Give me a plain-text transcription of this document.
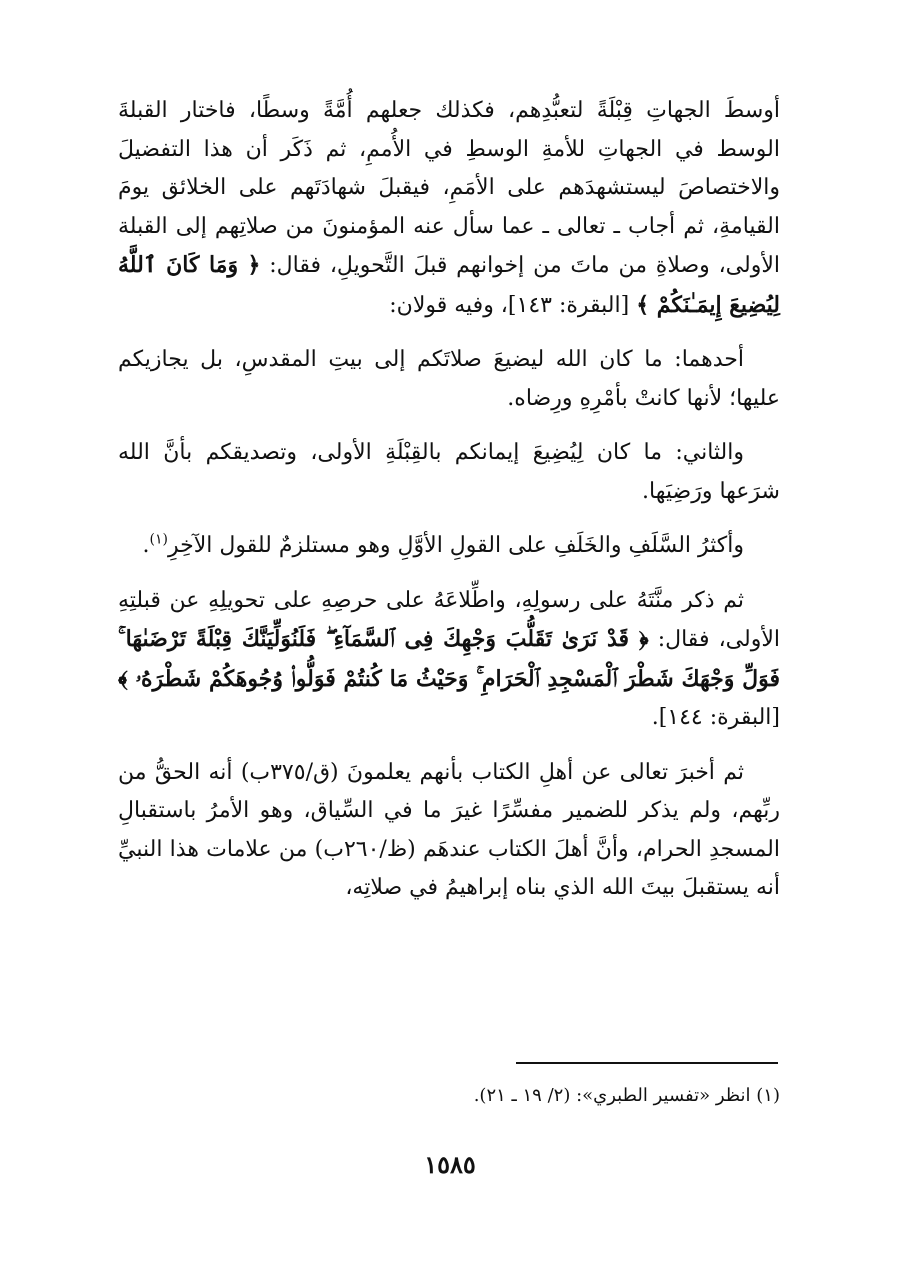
أوسطَ الجهاتِ قِبْلَةً لتعبُّدِهم، فكذلك جعلهم أُمَّةً وسطًا، فاختار القبلةَ الوسط في الجهاتِ للأمةِ الوسطِ في الأُممِ، ثم ذَكَر أن هذا التفضيلَ والاختصاصَ ليستشهدَهم على الأمَمِ، فيقبلَ شهادَتَهم على الخلائق يومَ القيامةِ، ثم أجاب ـ تعالى ـ عما سأل عنه المؤمنونَ من صلاتِهم إلى القبلة الأولى، وصلاةِ من ماتَ من إخوانهم قبلَ التَّحويلِ، فقال: ﴿ وَمَا كَانَ ٱللَّهُ لِيُضِيعَ إِيمَـٰنَكُمْ ﴾ [البقرة: ١٤٣]، وفيه قولان:

أحدهما: ما كان الله ليضيعَ صلاتَكم إلى بيتِ المقدسِ، بل يجازيكم عليها؛ لأنها كانتْ بأمْرِهِ ورِضاه.

والثاني: ما كان لِيُضِيعَ إيمانكم بالقِبْلَةِ الأولى، وتصديقكم بأنَّ الله شرَعها ورَضِيَها.

وأكثرُ السَّلَفِ والخَلَفِ على القولِ الأوَّلِ وهو مستلزمٌ للقول الآخِرِ$^{(١)}$.

ثم ذكر منَّتَهُ على رسولِهِ، واطِّلاعَهُ على حرصِهِ على تحويلِهِ عن قبلتِهِ الأولى، فقال: ﴿ قَدْ نَرَىٰ تَقَلُّبَ وَجْهِكَ فِى ٱلسَّمَآءِ ۖ فَلَنُوَلِّيَنَّكَ قِبْلَةً تَرْضَىٰهَا ۚ فَوَلِّ وَجْهَكَ شَطْرَ ٱلْمَسْجِدِ ٱلْحَرَامِ ۚ وَحَيْثُ مَا كُنتُمْ فَوَلُّوا۟ وُجُوهَكُمْ شَطْرَهُۥ ﴾ [البقرة: ١٤٤].

ثم أخبرَ تعالى عن أهلِ الكتاب بأنهم يعلمونَ (ق/٣٧٥ب) أنه الحقُّ من ربِّهم، ولم يذكر للضمير مفسِّرًا غيرَ ما في السِّياق، وهو الأمرُ باستقبالِ المسجدِ الحرام، وأنَّ أهلَ الكتاب عندهَم (ظ/٢٦٠ب) من علامات هذا النبيِّ أنه يستقبلَ بيتَ الله الذي بناه إبراهيمُ في صلاتِه،

(١) انظر «تفسير الطبري»: (٢/ ١٩ ـ ٢١).
١٥٨٥
